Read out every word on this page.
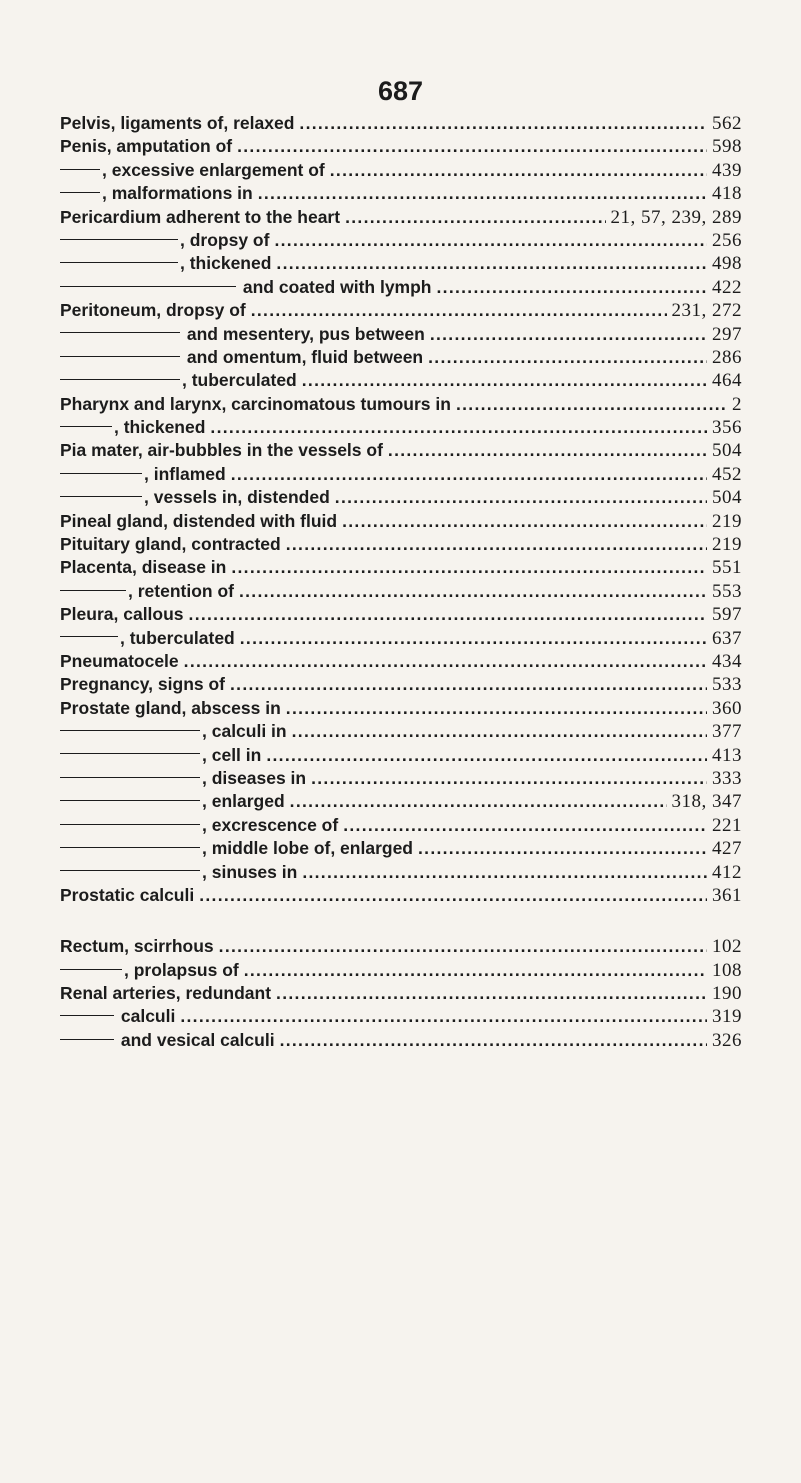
687
Pelvis, ligaments of, relaxed .....	562
Penis, amputation of .....	598
, excessive enlargement of .....	439
, malformations in .....	418
Pericardium adherent to the heart .....	21, 57, 239, 289
, dropsy of .....	256
, thickened .....	498
and coated with lymph .....	422
Peritoneum, dropsy of .....	231, 272
and mesentery, pus between .....	297
and omentum, fluid between .....	286
, tuberculated .....	464
Pharynx and larynx, carcinomatous tumours in .....	2
, thickened .....	356
Pia mater, air-bubbles in the vessels of .....	504
, inflamed .....	452
, vessels in, distended .....	504
Pineal gland, distended with fluid .....	219
Pituitary gland, contracted .....	219
Placenta, disease in .....	551
, retention of .....	553
Pleura, callous .....	597
, tuberculated .....	637
Pneumatocele .....	434
Pregnancy, signs of .....	533
Prostate gland, abscess in .....	360
, calculi in .....	377
, cell in .....	413
, diseases in .....	333
, enlarged .....	318, 347
, excrescence of .....	221
, middle lobe of, enlarged .....	427
, sinuses in .....	412
Prostatic calculi .....	361
Rectum, scirrhous .....	102
, prolapsus of .....	108
Renal arteries, redundant .....	190
calculi .....	319
and vesical calculi .....	326
